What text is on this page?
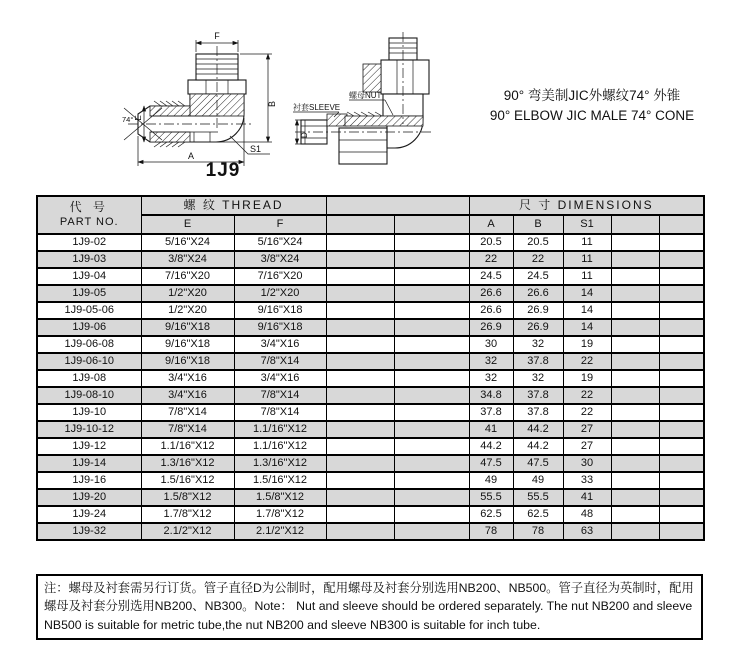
F
B
A
E
74°
S1
D
螺母NUT
衬套SLEEVE
1J9
90° 弯美制JIC外螺纹74° 外锥
90° ELBOW JIC MALE 74° CONE
代 号
PART NO.	螺 纹 THREAD				尺 寸 DIMENSIONS				
	E	F			A	B	S1		
1J9-02	5/16"X24	5/16"X24			20.5	20.5	11		
1J9-03	3/8"X24	3/8"X24			22	22	11		
1J9-04	7/16"X20	7/16"X20			24.5	24.5	11		
1J9-05	1/2"X20	1/2"X20			26.6	26.6	14		
1J9-05-06	1/2"X20	9/16"X18			26.6	26.9	14		
1J9-06	9/16"X18	9/16"X18			26.9	26.9	14		
1J9-06-08	9/16"X18	3/4"X16			30	32	19		
1J9-06-10	9/16"X18	7/8"X14			32	37.8	22		
1J9-08	3/4"X16	3/4"X16			32	32	19		
1J9-08-10	3/4"X16	7/8"X14			34.8	37.8	22		
1J9-10	7/8"X14	7/8"X14			37.8	37.8	22		
1J9-10-12	7/8"X14	1.1/16"X12			41	44.2	27		
1J9-12	1.1/16"X12	1.1/16"X12			44.2	44.2	27		
1J9-14	1.3/16"X12	1.3/16"X12			47.5	47.5	30		
1J9-16	1.5/16"X12	1.5/16"X12			49	49	33		
1J9-20	1.5/8"X12	1.5/8"X12			55.5	55.5	41		
1J9-24	1.7/8"X12	1.7/8"X12			62.5	62.5	48		
1J9-32	2.1/2"X12	2.1/2"X12			78	78	63		
注：螺母及衬套需另行订货。管子直径D为公制时，配用螺母及衬套分别选用NB200、NB500。管子直径为英制时，配用螺母及衬套分别选用NB200、NB300。Note： Nut and sleeve should be ordered separately. The nut NB200 and sleeve NB500 is suitable for metric tube,the nut NB200 and sleeve NB300 is suitable for inch tube.
